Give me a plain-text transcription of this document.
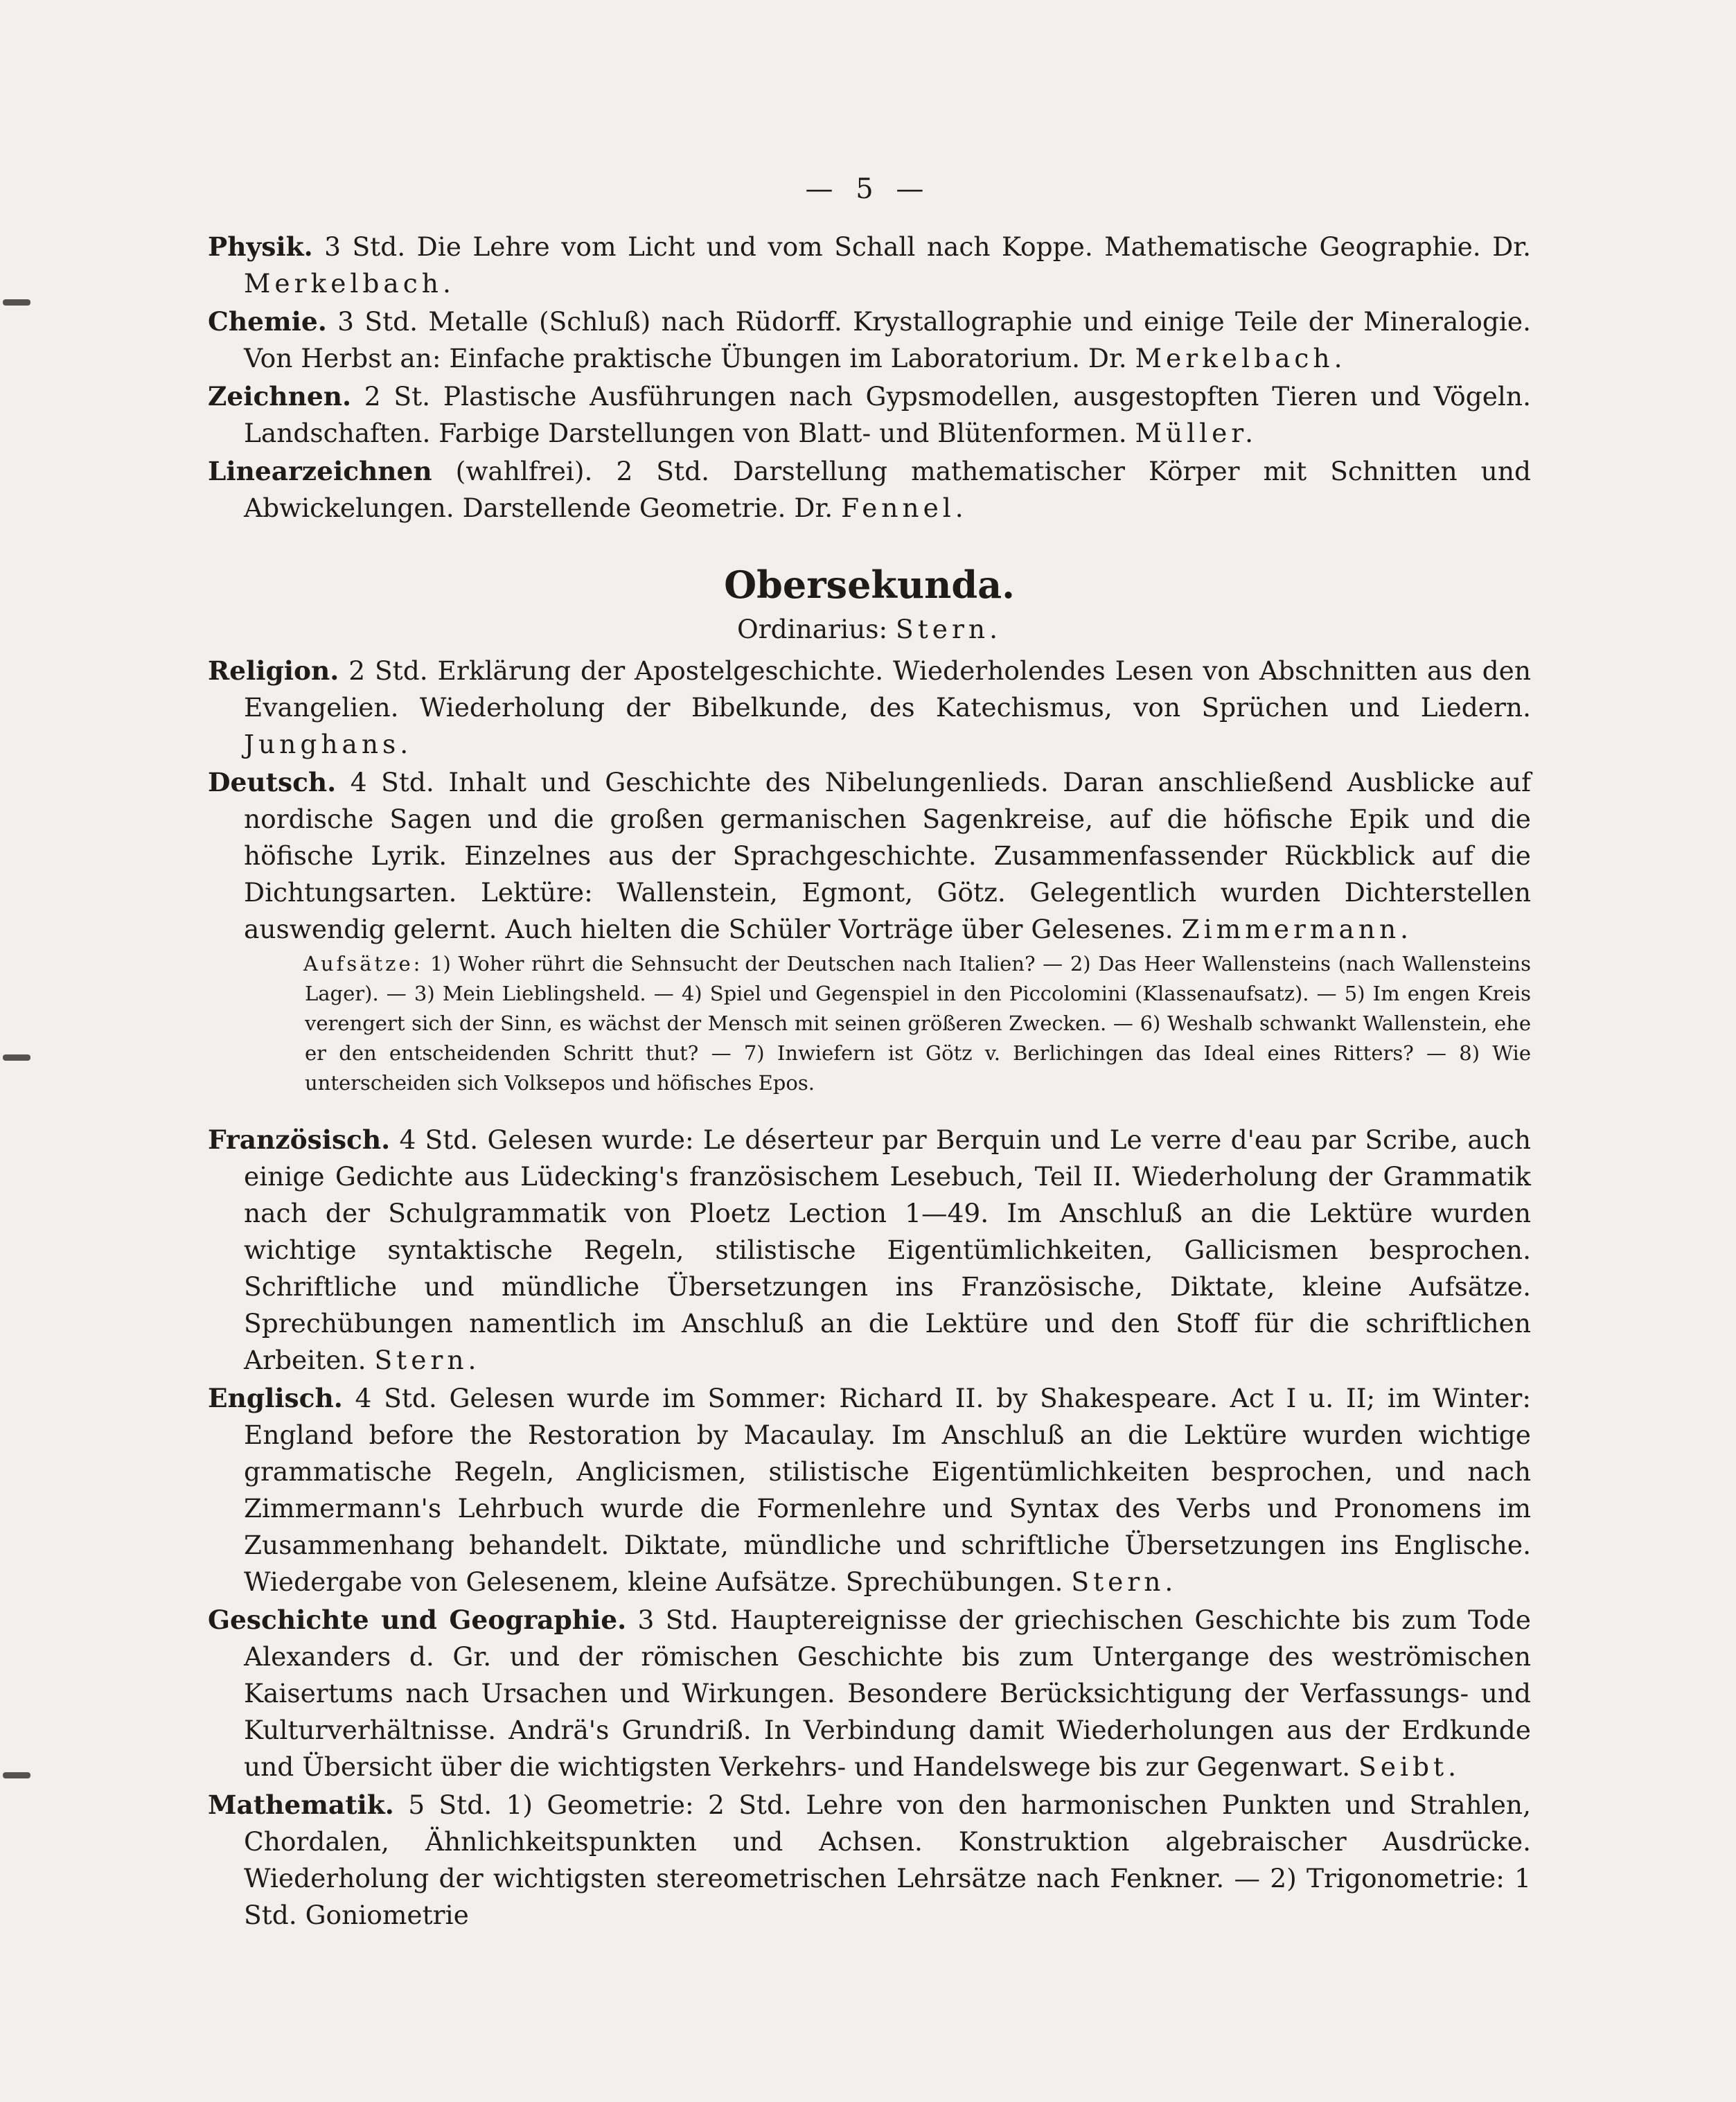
— 5 —

Physik. 3 Std. Die Lehre vom Licht und vom Schall nach Koppe. Mathematische Geographie. Dr. Merkelbach.

Chemie. 3 Std. Metalle (Schluß) nach Rüdorff. Krystallographie und einige Teile der Mineralogie. Von Herbst an: Einfache praktische Übungen im Laboratorium. Dr. Merkelbach.

Zeichnen. 2 St. Plastische Ausführungen nach Gypsmodellen, ausgestopften Tieren und Vögeln. Landschaften. Farbige Darstellungen von Blatt- und Blütenformen. Müller.

Linearzeichnen (wahlfrei). 2 Std. Darstellung mathematischer Körper mit Schnitten und Abwickelungen. Darstellende Geometrie. Dr. Fennel.

Obersekunda.
Ordinarius: Stern.

Religion. 2 Std. Erklärung der Apostelgeschichte. Wiederholendes Lesen von Abschnitten aus den Evangelien. Wiederholung der Bibelkunde, des Katechismus, von Sprüchen und Liedern. Junghans.

Deutsch. 4 Std. Inhalt und Geschichte des Nibelungenlieds. Daran anschließend Ausblicke auf nordische Sagen und die großen germanischen Sagenkreise, auf die höfische Epik und die höfische Lyrik. Einzelnes aus der Sprachgeschichte. Zusammenfassender Rückblick auf die Dichtungsarten. Lektüre: Wallenstein, Egmont, Götz. Gelegentlich wurden Dichterstellen auswendig gelernt. Auch hielten die Schüler Vorträge über Gelesenes. Zimmermann.

Aufsätze: 1) Woher rührt die Sehnsucht der Deutschen nach Italien? — 2) Das Heer Wallensteins (nach Wallensteins Lager). — 3) Mein Lieblingsheld. — 4) Spiel und Gegenspiel in den Piccolomini (Klassenaufsatz). — 5) Im engen Kreis verengert sich der Sinn, es wächst der Mensch mit seinen größeren Zwecken. — 6) Weshalb schwankt Wallenstein, ehe er den entscheidenden Schritt thut? — 7) Inwiefern ist Götz v. Berlichingen das Ideal eines Ritters? — 8) Wie unterscheiden sich Volksepos und höfisches Epos.

Französisch. 4 Std. Gelesen wurde: Le déserteur par Berquin und Le verre d'eau par Scribe, auch einige Gedichte aus Lüdecking's französischem Lesebuch, Teil II. Wiederholung der Grammatik nach der Schulgrammatik von Ploetz Lection 1—49. Im Anschluß an die Lektüre wurden wichtige syntaktische Regeln, stilistische Eigentümlichkeiten, Gallicismen besprochen. Schriftliche und mündliche Übersetzungen ins Französische, Diktate, kleine Aufsätze. Sprechübungen namentlich im Anschluß an die Lektüre und den Stoff für die schriftlichen Arbeiten. Stern.

Englisch. 4 Std. Gelesen wurde im Sommer: Richard II. by Shakespeare. Act I u. II; im Winter: England before the Restoration by Macaulay. Im Anschluß an die Lektüre wurden wichtige grammatische Regeln, Anglicismen, stilistische Eigentümlichkeiten besprochen, und nach Zimmermann's Lehrbuch wurde die Formenlehre und Syntax des Verbs und Pronomens im Zusammenhang behandelt. Diktate, mündliche und schriftliche Übersetzungen ins Englische. Wiedergabe von Gelesenem, kleine Aufsätze. Sprechübungen. Stern.

Geschichte und Geographie. 3 Std. Hauptereignisse der griechischen Geschichte bis zum Tode Alexanders d. Gr. und der römischen Geschichte bis zum Untergange des weströmischen Kaisertums nach Ursachen und Wirkungen. Besondere Berücksichtigung der Verfassungs- und Kulturverhältnisse. Andrä's Grundriß. In Verbindung damit Wiederholungen aus der Erdkunde und Übersicht über die wichtigsten Verkehrs- und Handelswege bis zur Gegenwart. Seibt.

Mathematik. 5 Std. 1) Geometrie: 2 Std. Lehre von den harmonischen Punkten und Strahlen, Chordalen, Ähnlichkeitspunkten und Achsen. Konstruktion algebraischer Ausdrücke. Wiederholung der wichtigsten stereometrischen Lehrsätze nach Fenkner. — 2) Trigonometrie: 1 Std. Goniometrie
